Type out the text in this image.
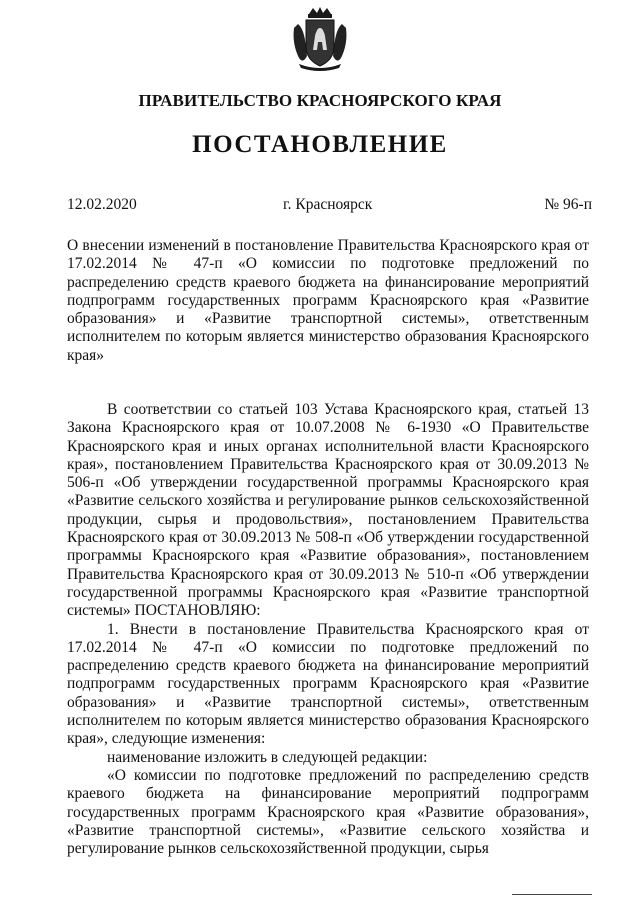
ПРАВИТЕЛЬСТВО КРАСНОЯРСКОГО КРАЯ
ПОСТАНОВЛЕНИЕ
12.02.2020	г. Красноярск	№ 96-п
О внесении изменений в постановление Правительства Красноярского края от 17.02.2014 № 47-п «О комиссии по подготовке предложений по распределению средств краевого бюджета на финансирование мероприятий подпрограмм государственных программ Красноярского края «Развитие образования» и «Развитие транспортной системы», ответственным исполнителем по которым является министерство образования Красноярского края»

В соответствии со статьей 103 Устава Красноярского края, статьей 13 Закона Красноярского края от 10.07.2008 № 6-1930 «О Правительстве Красноярского края и иных органах исполнительной власти Красноярского края», постановлением Правительства Красноярского края от 30.09.2013 № 506-п «Об утверждении государственной программы Красноярского края «Развитие сельского хозяйства и регулирование рынков сельскохозяйственной продукции, сырья и продовольствия», постановлением Правительства Красноярского края от 30.09.2013 № 508-п «Об утверждении государственной программы Красноярского края «Развитие образования», постановлением Правительства Красноярского края от 30.09.2013 № 510-п «Об утверждении государственной программы Красноярского края «Развитие транспортной системы» ПОСТАНОВЛЯЮ:

1. Внести в постановление Правительства Красноярского края от 17.02.2014 № 47-п «О комиссии по подготовке предложений по распределению средств краевого бюджета на финансирование мероприятий подпрограмм государственных программ Красноярского края «Развитие образования» и «Развитие транспортной системы», ответственным исполнителем по которым является министерство образования Красноярского края», следующие изменения:

наименование изложить в следующей редакции:

«О комиссии по подготовке предложений по распределению средств краевого бюджета на финансирование мероприятий подпрограмм государственных программ Красноярского края «Развитие образования», «Развитие транспортной системы», «Развитие сельского хозяйства и регулирование рынков сельскохозяйственной продукции, сырья
